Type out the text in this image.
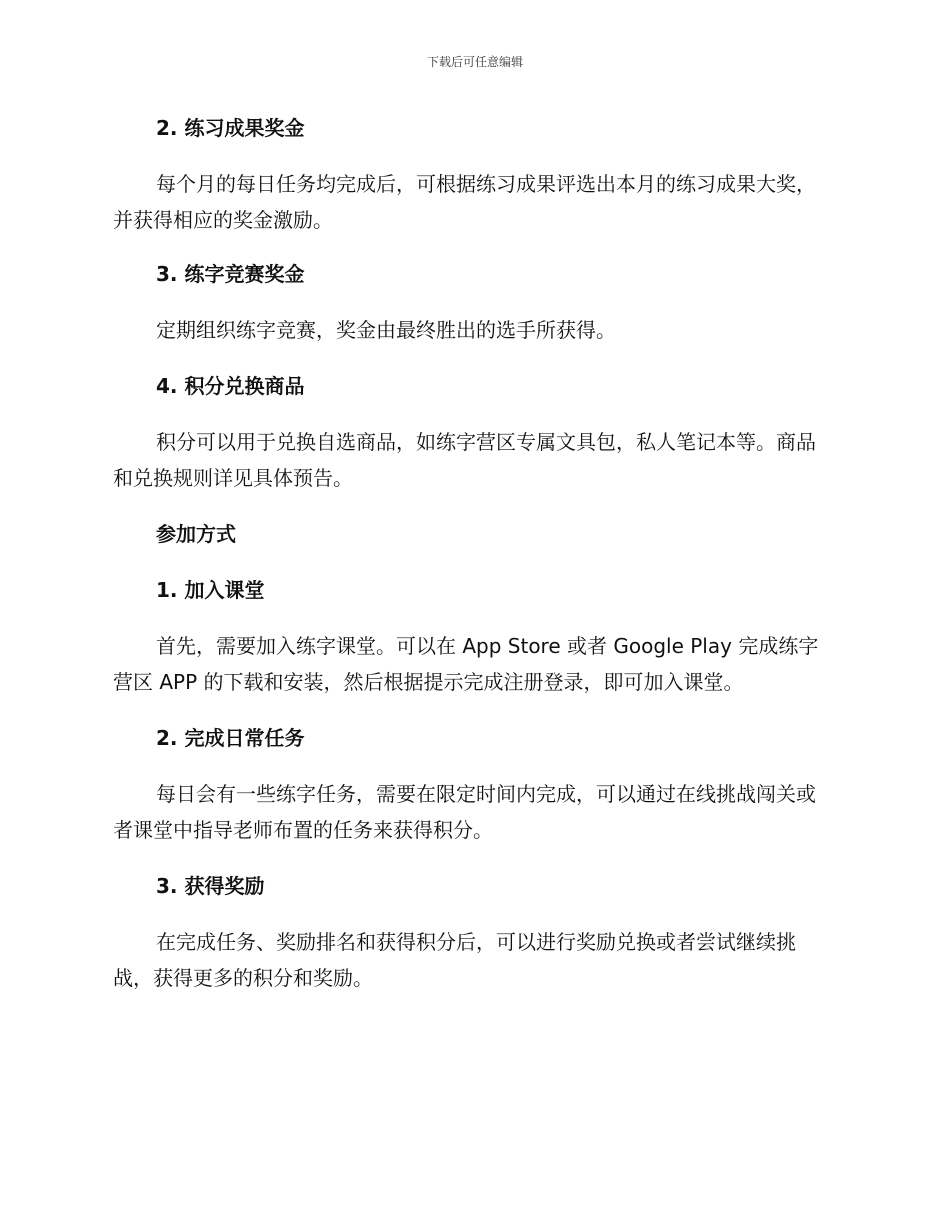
下载后可任意编辑
2. 练习成果奖金

每个月的每日任务均完成后，可根据练习成果评选出本月的练习成果大奖，并获得相应的奖金激励。

3. 练字竞赛奖金

定期组织练字竞赛，奖金由最终胜出的选手所获得。

4. 积分兑换商品

积分可以用于兑换自选商品，如练字营区专属文具包，私人笔记本等。商品和兑换规则详见具体预告。

参加方式
1. 加入课堂

首先，需要加入练字课堂。可以在 App Store 或者 Google Play 完成练字营区 APP 的下载和安装，然后根据提示完成注册登录，即可加入课堂。

2. 完成日常任务

每日会有一些练字任务，需要在限定时间内完成，可以通过在线挑战闯关或者课堂中指导老师布置的任务来获得积分。

3. 获得奖励

在完成任务、奖励排名和获得积分后，可以进行奖励兑换或者尝试继续挑战，获得更多的积分和奖励。
